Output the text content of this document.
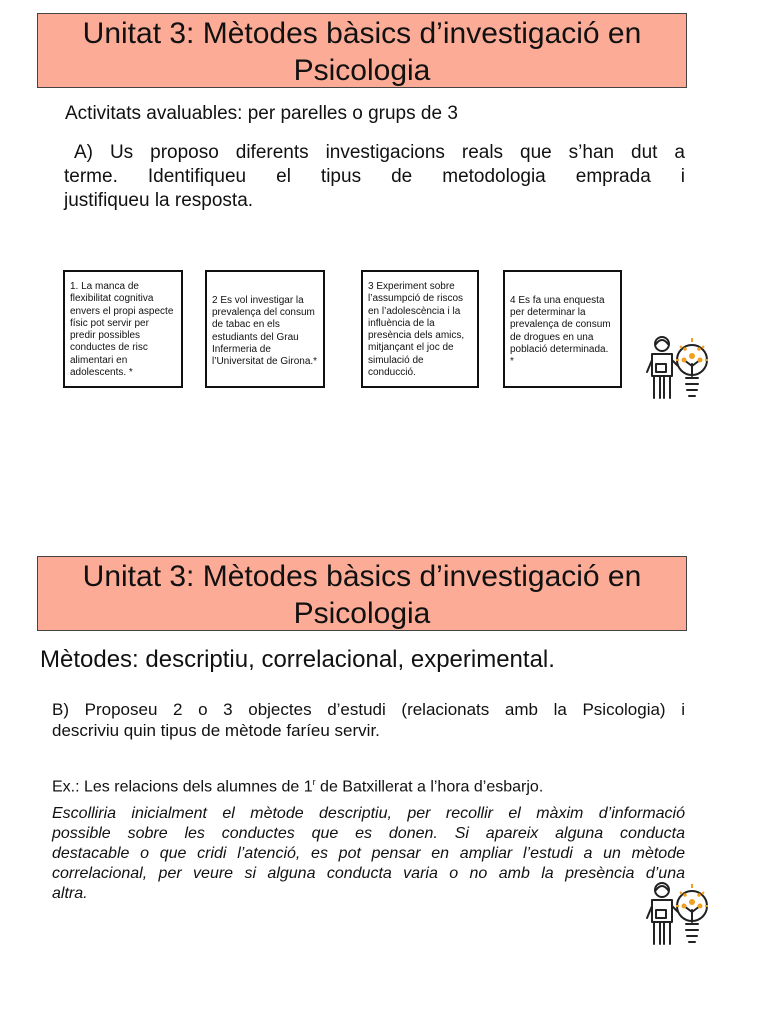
Unitat 3: Mètodes bàsics d’investigació en
Psicologia
Activitats avaluables: per parelles o grups de 3
A) Us proposo diferents investigacions reals que s’han dut a
terme. Identifiqueu el tipus de metodologia emprada i
justifiqueu la resposta.
1. La manca de flexibilitat cognitiva envers el propi aspecte físic pot servir per predir possibles conductes de risc alimentari en adolescents. *
2 Es vol investigar la prevalença del consum de tabac en els estudiants del Grau Infermeria de l’Universitat de Girona.*
3 Experiment sobre l’assumpció de riscos en l’adolescència i la influència de la presència dels amics, mitjançant el joc de simulació de conducció.
4 Es fa una enquesta per determinar la prevalença de consum de drogues en una població determinada. *
Unitat 3: Mètodes bàsics d’investigació en
Psicologia
Mètodes: descriptiu, correlacional, experimental.
B) Proposeu 2 o 3 objectes d’estudi (relacionats amb la Psicologia) i
descriviu quin tipus de mètode faríeu servir.
Ex.: Les relacions dels alumnes de 1$^r$ de Batxillerat a l’hora d’esbarjo.
Escolliria inicialment el mètode descriptiu, per recollir el màxim d’informació
possible sobre les conductes que es donen. Si apareix alguna conducta
destacable o que cridi l’atenció, es pot pensar en ampliar l’estudi a un mètode
correlacional, per veure si alguna conducta varia o no amb la presència d’una
altra.
